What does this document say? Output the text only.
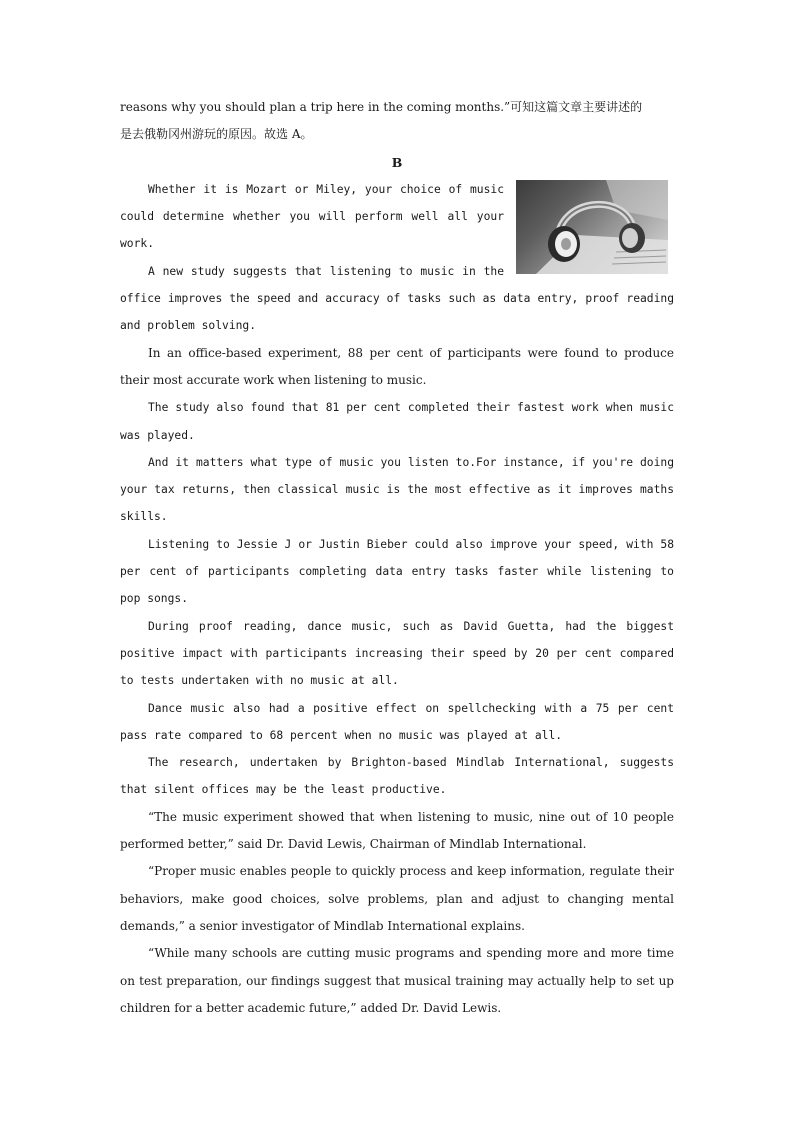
reasons why you should plan a trip here in the coming months.”可知这篇文章主要讲述的

是去俄勒冈州游玩的原因。故选 A。

B

Whether it is Mozart or Miley, your choice of music could determine whether you will perform well all your work.

A new study suggests that listening to music in the office improves the speed and accuracy of tasks such as data entry, proof reading and problem solving.

In an office-based experiment, 88 per cent of participants were found to produce their most accurate work when listening to music.

The study also found that 81 per cent completed their fastest work when music was played.

And it matters what type of music you listen to.For instance, if you're doing your tax returns, then classical music is the most effective as it improves maths skills.

Listening to Jessie J or Justin Bieber could also improve your speed, with 58 per cent of participants completing data entry tasks faster while listening to pop songs.

During proof reading, dance music, such as David Guetta, had the biggest positive impact with participants increasing their speed by 20 per cent compared to tests undertaken with no music at all.

Dance music also had a positive effect on spellchecking with a 75 per cent pass rate compared to 68 percent when no music was played at all.

The research, undertaken by Brighton-based Mindlab International, suggests that silent offices may be the least productive.

“The music experiment showed that when listening to music, nine out of 10 people performed better,” said Dr. David Lewis, Chairman of Mindlab International.

“Proper music enables people to quickly process and keep information, regulate their behaviors, make good choices, solve problems, plan and adjust to changing mental demands,” a senior investigator of Mindlab International explains.

“While many schools are cutting music programs and spending more and more time on test preparation, our findings suggest that musical training may actually help to set up children for a better academic future,” added Dr. David Lewis.
